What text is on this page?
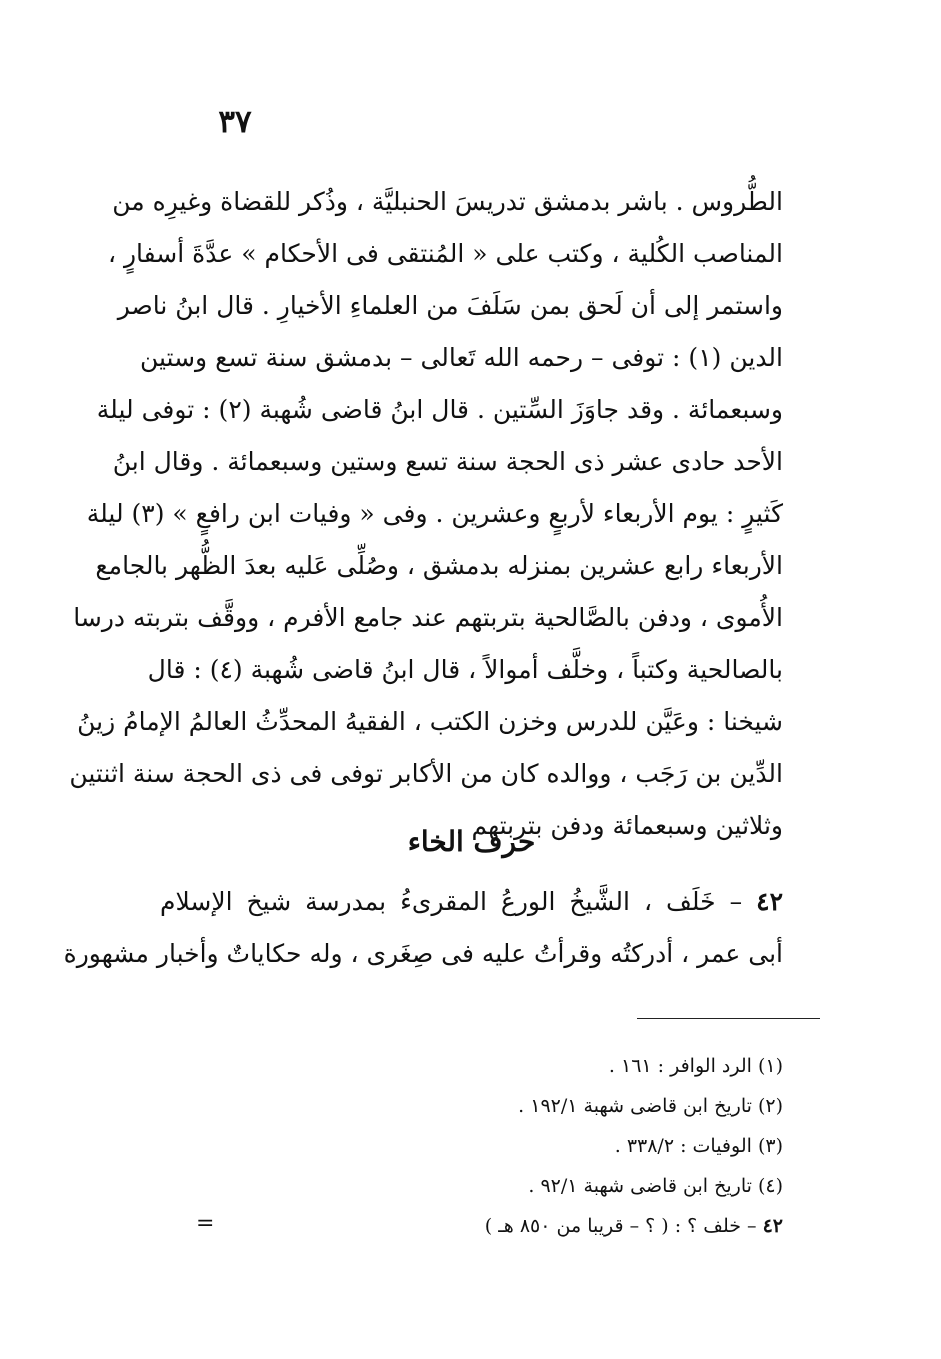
٣٧
الطُّروس . باشر بدمشق تدريسَ الحنبليَّة ، وذُكر للقضاة وغيرِه من
المناصب الكُلية ، وكتب على « المُنتقى فى الأحكام » عدَّةَ أسفارٍ ،
واستمر إلى أن لَحق بمن سَلَفَ من العلماءِ الأخيارِ . قال ابنُ ناصر
الدين (١) : توفى – رحمه الله تَعالى – بدمشق سنة تسع وستين
وسبعمائة . وقد جاوَزَ السِّتين . قال ابنُ قاضى شُهبة (٢) : توفى ليلة
الأحد حادى عشر ذى الحجة سنة تسع وستين وسبعمائة . وقال ابنُ
كَثيرٍ : يوم الأربعاء لأربعٍ وعشرين . وفى « وفيات ابن رافعٍ » (٣) ليلة
الأربعاء رابع عشرين بمنزله بدمشق ، وصُلِّى عَليه بعدَ الظُّهر بالجامع
الأُموى ، ودفن بالصَّالحية بتربتهم عند جامع الأفرم ، ووقَّف بتربته درسا
بالصالحية وكتباً ، وخلَّف أموالاً ، قال ابنُ قاضى شُهبة (٤) : قال
شيخنا : وعَيَّن للدرس وخزن الكتب ، الفقيهُ المحدِّثُ العالمُ الإمامُ زينُ
الدِّين بن رَجَب ، ووالده كان من الأكابر توفى فى ذى الحجة سنة اثنتين
وثلاثين وسبعمائة ودفن بتربتهم .
حرف الخاء
٤٢ – خَلَف ، الشَّيخُ الورعُ المقرىءُ بمدرسة شيخ الإسلام
أبى عمر ، أدركتُه وقرأتُ عليه فى صِغَرى ، وله حكاياتٌ وأخبار مشهورة
(١) الرد الوافر : ١٦١ .
(٢) تاريخ ابن قاضى شهبة ١٩٢/١ .
(٣) الوفيات : ٣٣٨/٢ .
(٤) تاريخ ابن قاضى شهبة ٩٢/١ .
٤٢ – خلف ؟ : ( ؟ – قريبا من ٨٥٠ هـ )
=
